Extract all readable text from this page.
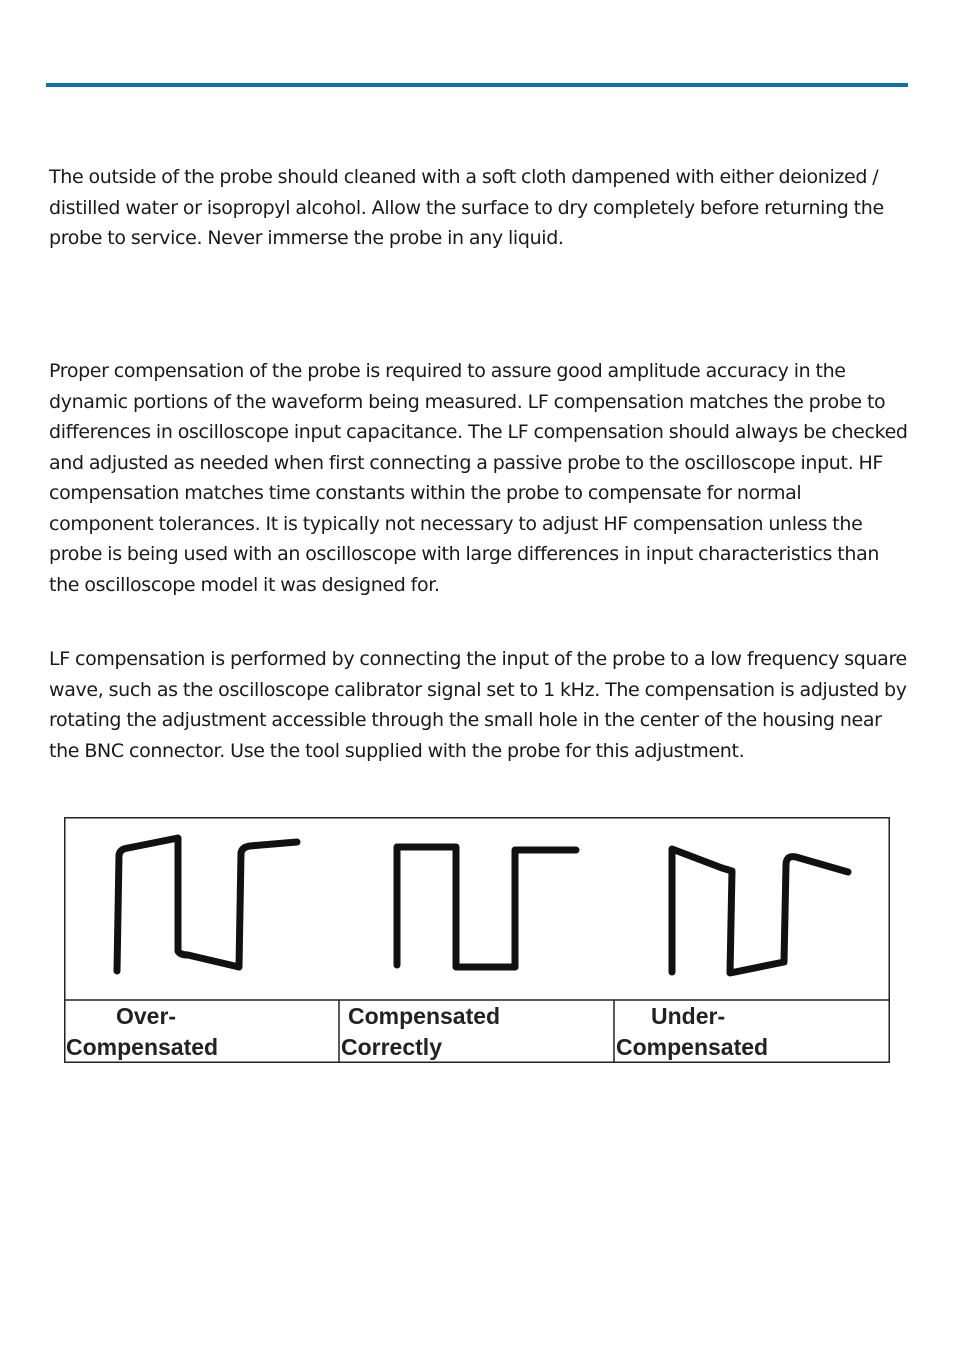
The outside of the probe should cleaned with a soft cloth dampened with either deionized / distilled water or isopropyl alcohol. Allow the surface to dry completely before returning the probe to service. Never immerse the probe in any liquid.

Proper compensation of the probe is required to assure good amplitude accuracy in the dynamic portions of the waveform being measured. LF compensation matches the probe to differences in oscilloscope input capacitance. The LF compensation should always be checked and adjusted as needed when first connecting a passive probe to the oscilloscope input. HF compensation matches time constants within the probe to compensate for normal component tolerances. It is typically not necessary to adjust HF compensation unless the probe is being used with an oscilloscope with large differences in input characteristics than the oscilloscope model it was designed for.

LF compensation is performed by connecting the input of the probe to a low frequency square wave, such as the oscilloscope calibrator signal set to 1 kHz. The compensation is adjusted by rotating the adjustment accessible through the small hole in the center of the housing near the BNC connector. Use the tool supplied with the probe for this adjustment.

Over-
Compensated
Compensated
Correctly
Under-
Compensated
